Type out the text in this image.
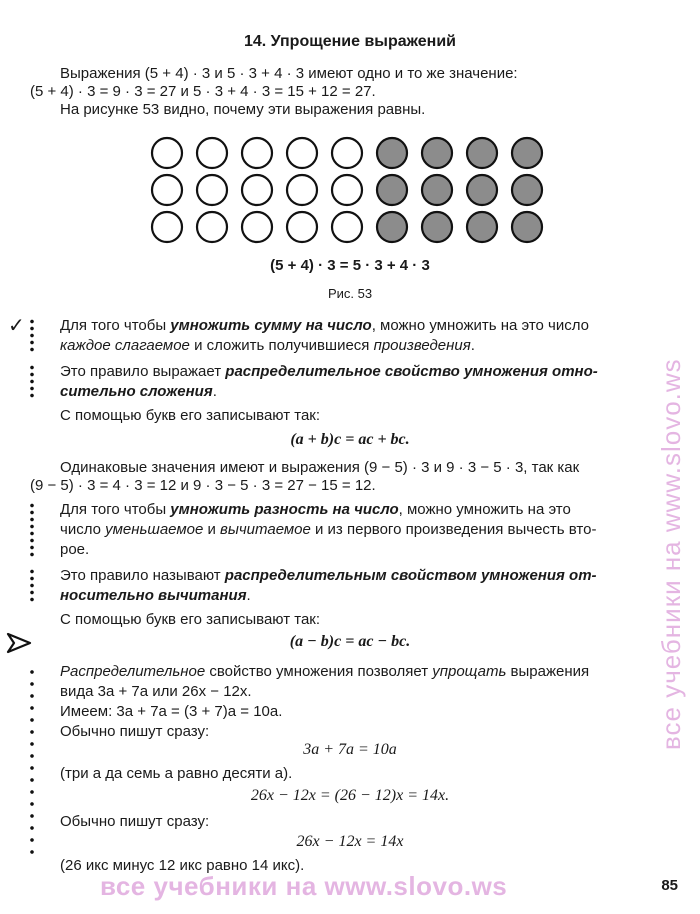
14. Упрощение выражений
Выражения (5 + 4) · 3 и 5 · 3 + 4 · 3 имеют одно и то же значение:
(5 + 4) · 3 = 9 · 3 = 27 и 5 · 3 + 4 · 3 = 15 + 12 = 27.
На рисунке 53 видно, почему эти выражения равны.
(5 + 4) · 3 = 5 · 3 + 4 · 3
Рис. 53
✓	Для того чтобы умножить сумму на число, можно умножить на это число
каждое слагаемое и сложить получившиеся произведения.
Это правило выражает распределительное свойство умножения отно-
сительно сложения.
С помощью букв его записывают так:
(a + b)c = ac + bc.
Одинаковые значения имеют и выражения (9 − 5) · 3 и 9 · 3 − 5 · 3, так как
(9 − 5) · 3 = 4 · 3 = 12 и 9 · 3 − 5 · 3 = 27 − 15 = 12.
Для того чтобы умножить разность на число, можно умножить на это
число уменьшаемое и вычитаемое и из первого произведения вычесть вто-
рое.
Это правило называют распределительным свойством умножения от-
носительно вычитания.
С помощью букв его записывают так:
(a − b)c = ac − bc.
Распределительное свойство умножения позволяет упрощать выражения
вида 3a + 7a или 26x − 12x.
Имеем: 3a + 7a = (3 + 7)a = 10a.
Обычно пишут сразу:
3a + 7a = 10a
(три a да семь a равно десяти a).
26x − 12x = (26 − 12)x = 14x.
Обычно пишут сразу:
26x − 12x = 14x
(26 икс минус 12 икс равно 14 икс).
все учебники на www.slovo.ws
все учебники на www.slovo.ws	85
